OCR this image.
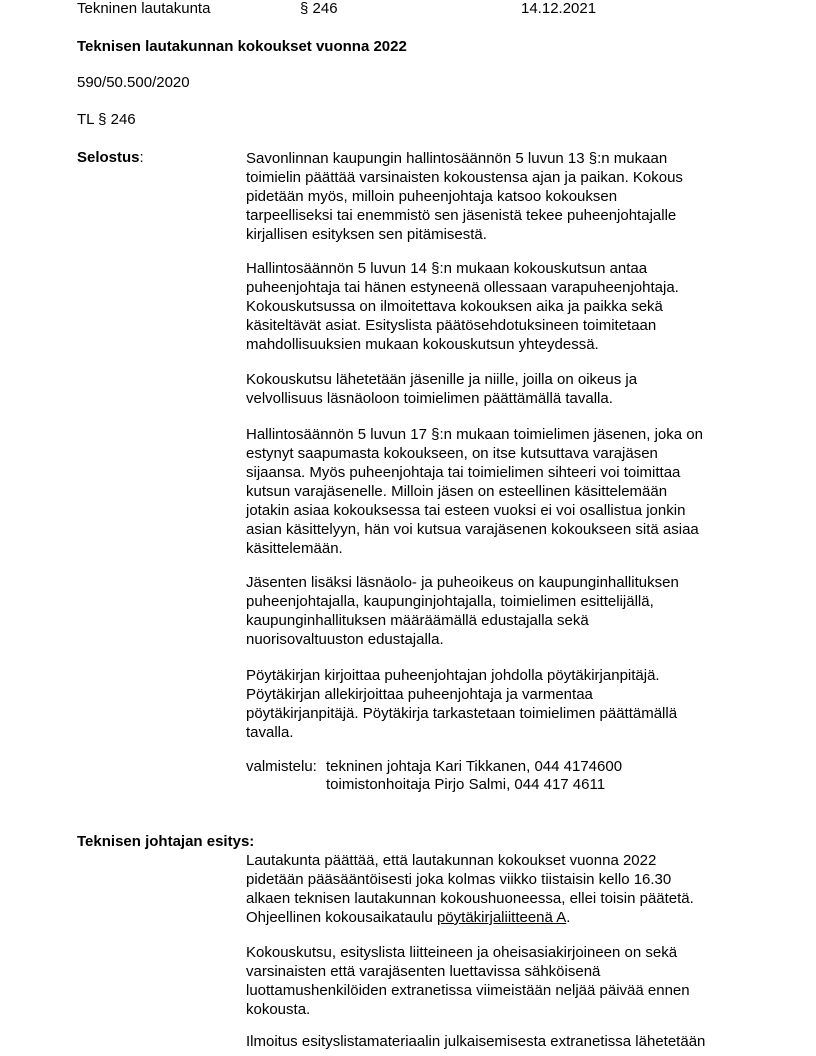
Tekninen lautakunta	§ 246	14.12.2021
Teknisen lautakunnan kokoukset vuonna 2022
590/50.500/2020
TL § 246
Selostus:	Savonlinnan kaupungin hallintosäännön 5 luvun 13 §:n mukaan
toimielin päättää varsinaisten kokoustensa ajan ja paikan. Kokous
pidetään myös, milloin puheenjohtaja katsoo kokouksen
tarpeelliseksi tai enemmistö sen jäsenistä tekee puheenjohtajalle
kirjallisen esityksen sen pitämisestä.
Hallintosäännön 5 luvun 14 §:n mukaan kokouskutsun antaa
puheenjohtaja tai hänen estyneenä ollessaan varapuheenjohtaja.
Kokouskutsussa on ilmoitettava kokouksen aika ja paikka sekä
käsiteltävät asiat. Esityslista päätösehdotuksineen toimitetaan
mahdollisuuksien mukaan kokouskutsun yhteydessä.
Kokouskutsu lähetetään jäsenille ja niille, joilla on oikeus ja
velvollisuus läsnäoloon toimielimen päättämällä tavalla.
Hallintosäännön 5 luvun 17 §:n mukaan toimielimen jäsenen, joka on
estynyt saapumasta kokoukseen, on itse kutsuttava varajäsen
sijaansa. Myös puheenjohtaja tai toimielimen sihteeri voi toimittaa
kutsun varajäsenelle. Milloin jäsen on esteellinen käsittelemään
jotakin asiaa kokouksessa tai esteen vuoksi ei voi osallistua jonkin
asian käsittelyyn, hän voi kutsua varajäsenen kokoukseen sitä asiaa
käsittelemään.
Jäsenten lisäksi läsnäolo- ja puheoikeus on kaupunginhallituksen
puheenjohtajalla, kaupunginjohtajalla, toimielimen esittelijällä,
kaupunginhallituksen määräämällä edustajalla sekä
nuorisovaltuuston edustajalla.
Pöytäkirjan kirjoittaa puheenjohtajan johdolla pöytäkirjanpitäjä.
Pöytäkirjan allekirjoittaa puheenjohtaja ja varmentaa
pöytäkirjanpitäjä. Pöytäkirja tarkastetaan toimielimen päättämällä
tavalla.
valmistelu: tekninen johtaja Kari Tikkanen, 044 4174600
toimistonhoitaja Pirjo Salmi, 044 417 4611
Teknisen johtajan esitys:
Lautakunta päättää, että lautakunnan kokoukset vuonna 2022
pidetään pääsääntöisesti joka kolmas viikko tiistaisin kello 16.30
alkaen teknisen lautakunnan kokoushuoneessa, ellei toisin päätetä.
Ohjeellinen kokousaikataulu pöytäkirjaliitteenä A.
Kokouskutsu, esityslista liitteineen ja oheisasiakirjoineen on sekä
varsinaisten että varajäsenten luettavissa sähköisenä
luottamushenkilöiden extranetissa viimeistään neljää päivää ennen
kokousta.
Ilmoitus esityslistamateriaalin julkaisemisesta extranetissa lähetetään
